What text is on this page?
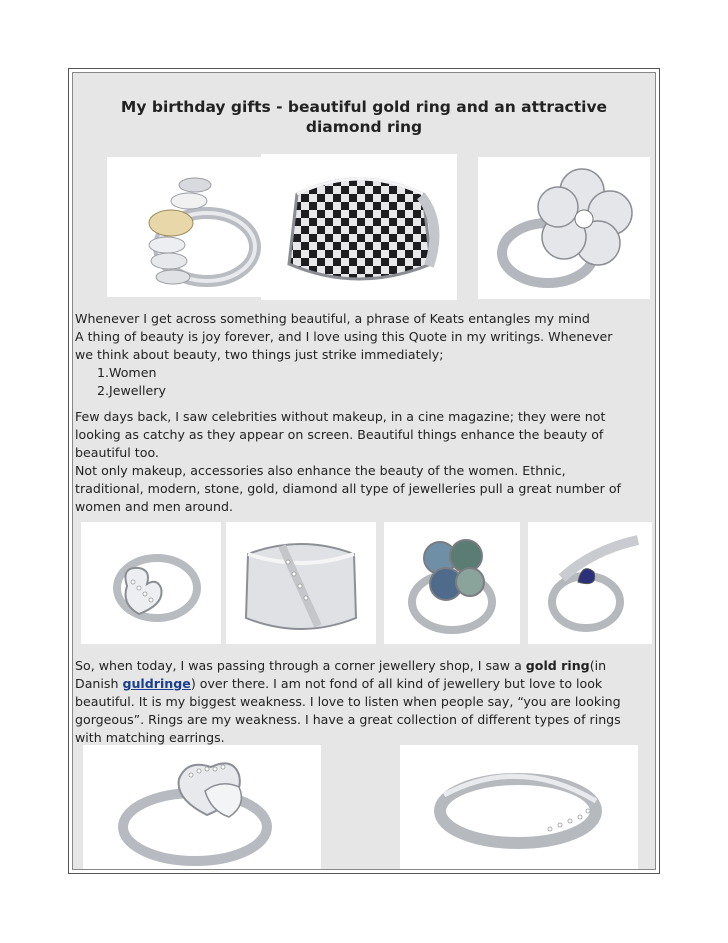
My birthday gifts - beautiful gold ring and an attractive diamond ring

Whenever I get across something beautiful, a phrase of Keats entangles my mind

A thing of beauty is joy forever, and I love using this Quote in my writings. Whenever

we think about beauty, two things just strike immediately;

1.Women

2.Jewellery

Few days back, I saw celebrities without makeup, in a cine magazine; they were not

looking as catchy as they appear on screen. Beautiful things enhance the beauty of

beautiful too.

Not only makeup, accessories also enhance the beauty of the women. Ethnic,

traditional, modern, stone, gold, diamond all type of jewelleries pull a great number of

women and men around.

So, when today, I was passing through a corner jewellery shop, I saw a gold ring(in

Danish guldringe) over there. I am not fond of all kind of jewellery but love to look

beautiful. It is my biggest weakness. I love to listen when people say, “you are looking

gorgeous”. Rings are my weakness. I have a great collection of different types of rings

with matching earrings.
